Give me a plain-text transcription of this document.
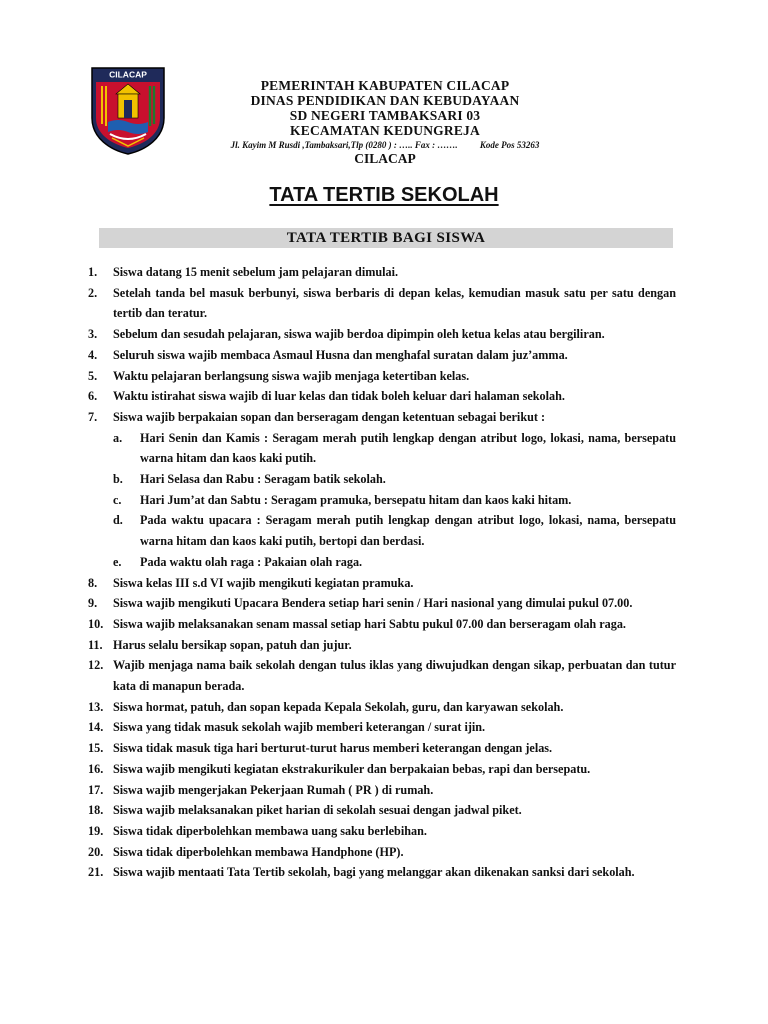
CILACAP
PEMERINTAH KABUPATEN CILACAP
DINAS PENDIDIKAN DAN KEBUDAYAAN
SD NEGERI TAMBAKSARI 03
KECAMATAN KEDUNGREJA
Jl. Kayim M Rusdi ,Tambaksari,Tlp (0280 ) : ….. Fax : ……. Kode Pos 53263
CILACAP
TATA TERTIB SEKOLAH
TATA TERTIB BAGI SISWA
1. Siswa datang 15 menit sebelum jam pelajaran dimulai.
2. Setelah tanda bel masuk berbunyi, siswa berbaris di depan kelas, kemudian masuk satu per satu dengan tertib dan teratur.
3. Sebelum dan sesudah pelajaran, siswa wajib berdoa dipimpin oleh ketua kelas atau bergiliran.
4. Seluruh siswa wajib membaca Asmaul Husna dan menghafal suratan dalam juz’amma.
5. Waktu pelajaran berlangsung siswa wajib menjaga ketertiban kelas.
6. Waktu istirahat siswa wajib di luar kelas dan tidak boleh keluar dari halaman sekolah.
7. Siswa wajib berpakaian sopan dan berseragam dengan ketentuan sebagai berikut :
a. Hari Senin dan Kamis : Seragam merah putih lengkap dengan atribut logo, lokasi, nama, bersepatu warna hitam dan kaos kaki putih.
b. Hari Selasa dan Rabu : Seragam batik sekolah.
c. Hari Jum’at dan Sabtu : Seragam pramuka, bersepatu hitam dan kaos kaki hitam.
d. Pada waktu upacara : Seragam merah putih lengkap dengan atribut logo, lokasi, nama, bersepatu warna hitam dan kaos kaki putih, bertopi dan berdasi.
e. Pada waktu olah raga : Pakaian olah raga.
8. Siswa kelas III s.d VI wajib mengikuti kegiatan pramuka.
9. Siswa wajib mengikuti Upacara Bendera setiap hari senin / Hari nasional yang dimulai pukul 07.00.
10. Siswa wajib melaksanakan senam massal setiap hari Sabtu pukul 07.00 dan berseragam olah raga.
11. Harus selalu bersikap sopan, patuh dan jujur.
12. Wajib menjaga nama baik sekolah dengan tulus iklas yang diwujudkan dengan sikap, perbuatan dan tutur kata di manapun berada.
13. Siswa hormat, patuh, dan sopan kepada Kepala Sekolah, guru, dan karyawan sekolah.
14. Siswa yang tidak masuk sekolah wajib memberi keterangan / surat ijin.
15. Siswa tidak masuk tiga hari berturut-turut harus memberi keterangan dengan jelas.
16. Siswa wajib mengikuti kegiatan ekstrakurikuler dan berpakaian bebas, rapi dan bersepatu.
17. Siswa wajib mengerjakan Pekerjaan Rumah ( PR ) di rumah.
18. Siswa wajib melaksanakan piket harian di sekolah sesuai dengan jadwal piket.
19. Siswa tidak diperbolehkan membawa uang saku berlebihan.
20. Siswa tidak diperbolehkan membawa Handphone (HP).
21. Siswa wajib mentaati Tata Tertib sekolah, bagi yang melanggar akan dikenakan sanksi dari sekolah.
